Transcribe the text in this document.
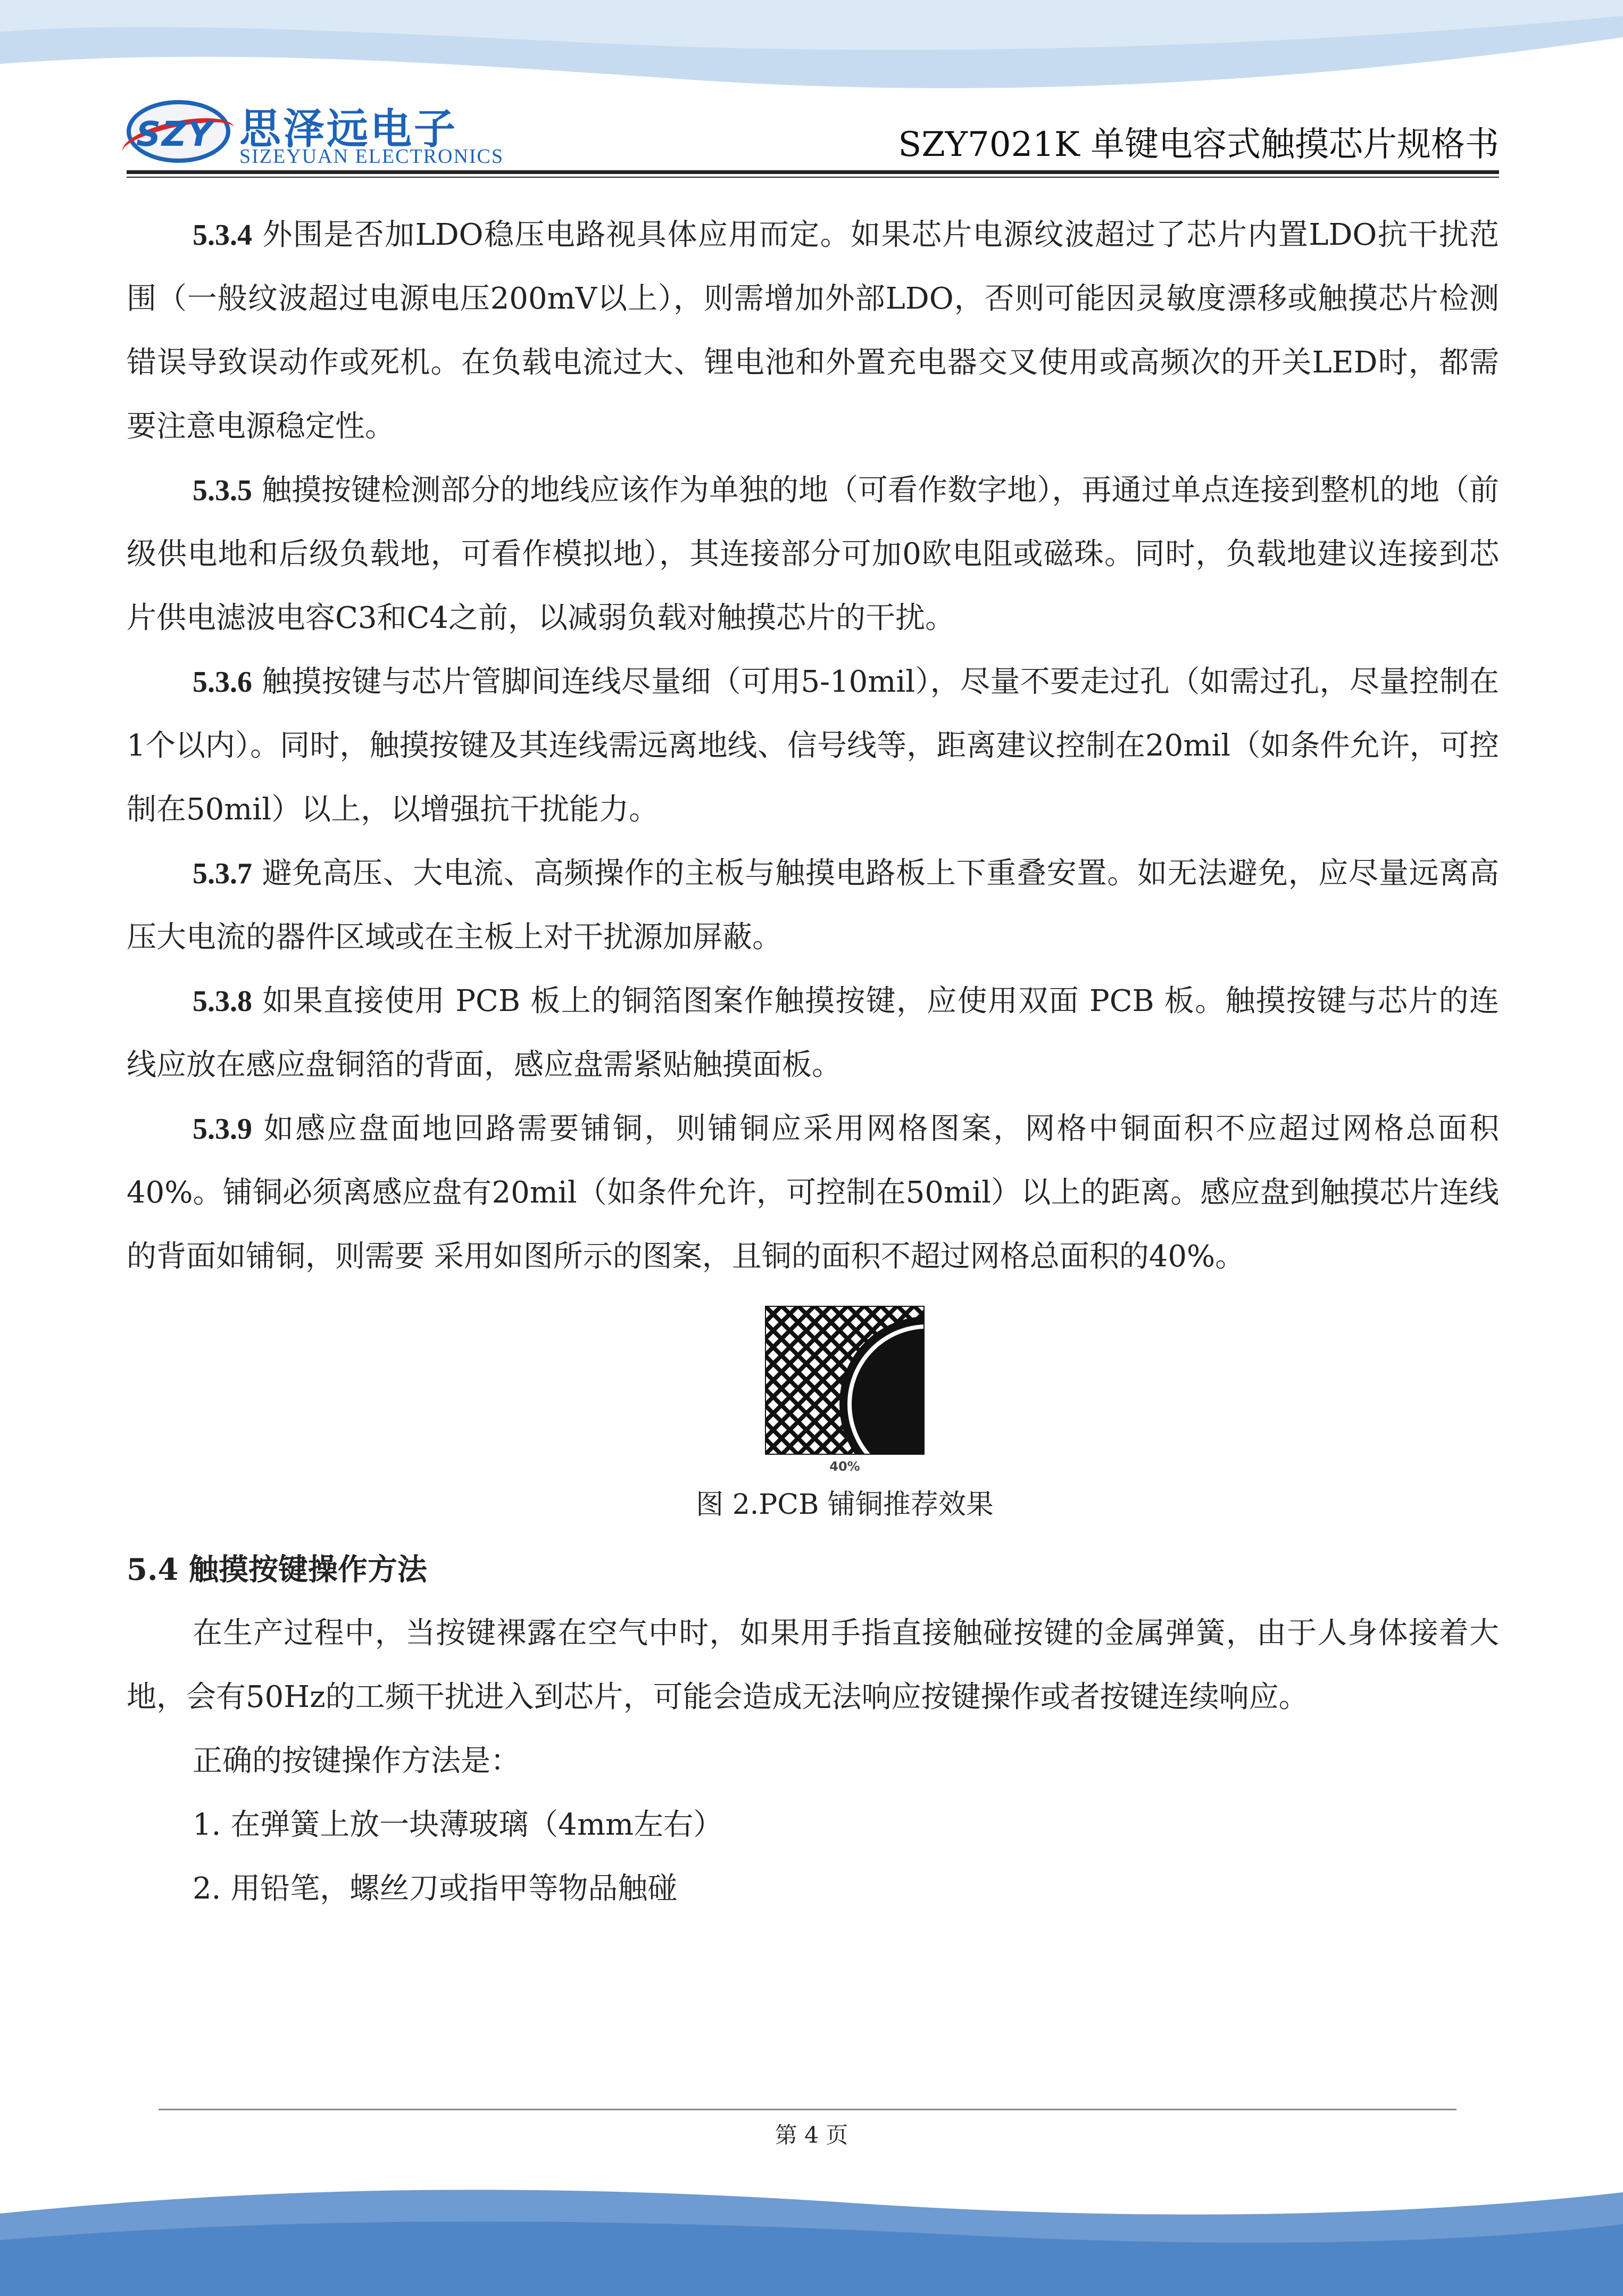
SZY 思泽远电子
SIZEYUAN ELECTRONICS	SZY7021K 单键电容式触摸芯片规格书

5.3.4 外围是否加LDO稳压电路视具体应用而定。如果芯片电源纹波超过了芯片内置LDO抗干扰范围（一般纹波超过电源电压200mV以上），则需增加外部LDO，否则可能因灵敏度漂移或触摸芯片检测错误导致误动作或死机。在负载电流过大、锂电池和外置充电器交叉使用或高频次的开关LED时，都需要注意电源稳定性。

5.3.5 触摸按键检测部分的地线应该作为单独的地（可看作数字地），再通过单点连接到整机的地（前级供电地和后级负载地，可看作模拟地），其连接部分可加0欧电阻或磁珠。同时，负载地建议连接到芯片供电滤波电容C3和C4之前，以减弱负载对触摸芯片的干扰。

5.3.6 触摸按键与芯片管脚间连线尽量细（可用5-10mil），尽量不要走过孔（如需过孔，尽量控制在1个以内）。同时，触摸按键及其连线需远离地线、信号线等，距离建议控制在20mil（如条件允许，可控制在50mil）以上，以增强抗干扰能力。

5.3.7 避免高压、大电流、高频操作的主板与触摸电路板上下重叠安置。如无法避免，应尽量远离高压大电流的器件区域或在主板上对干扰源加屏蔽。

5.3.8 如果直接使用 PCB 板上的铜箔图案作触摸按键，应使用双面 PCB 板。触摸按键与芯片的连线应放在感应盘铜箔的背面，感应盘需紧贴触摸面板。

5.3.9 如感应盘面地回路需要铺铜，则铺铜应采用网格图案，网格中铜面积不应超过网格总面积 40%。铺铜必须离感应盘有20mil（如条件允许，可控制在50mil）以上的距离。感应盘到触摸芯片连线的背面如铺铜，则需要 采用如图所示的图案，且铜的面积不超过网格总面积的40%。

40%
图 2.PCB 铺铜推荐效果

5.4 触摸按键操作方法

在生产过程中，当按键裸露在空气中时，如果用手指直接触碰按键的金属弹簧，由于人身体接着大地，会有50Hz的工频干扰进入到芯片，可能会造成无法响应按键操作或者按键连续响应。

正确的按键操作方法是：

1. 在弹簧上放一块薄玻璃（4mm左右）

2. 用铅笔，螺丝刀或指甲等物品触碰

第 4 页
